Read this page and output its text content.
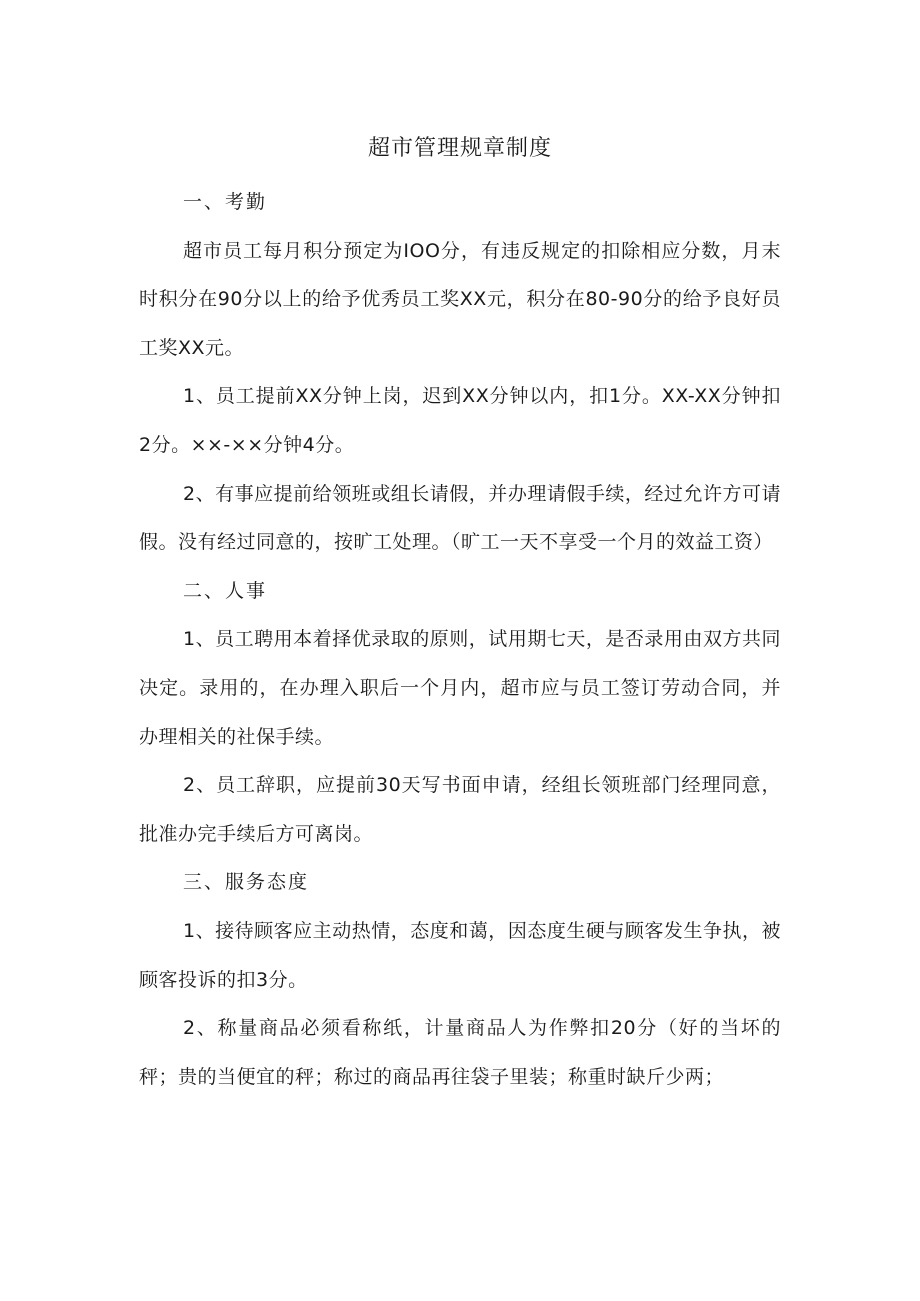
超市管理规章制度

一、考勤

超市员工每月积分预定为IOO分，有违反规定的扣除相应分数，月末时积分在90分以上的给予优秀员工奖XX元，积分在80-90分的给予良好员工奖XX元。

1、员工提前XX分钟上岗，迟到XX分钟以内，扣1分。XX-XX分钟扣2分。××-××分钟4分。

2、有事应提前给领班或组长请假，并办理请假手续，经过允许方可请假。没有经过同意的，按旷工处理。（旷工一天不享受一个月的效益工资）

二、人事

1、员工聘用本着择优录取的原则，试用期七天，是否录用由双方共同决定。录用的，在办理入职后一个月内，超市应与员工签订劳动合同，并办理相关的社保手续。

2、员工辞职，应提前30天写书面申请，经组长领班部门经理同意，批准办完手续后方可离岗。

三、服务态度

1、接待顾客应主动热情，态度和蔼，因态度生硬与顾客发生争执，被顾客投诉的扣3分。

2、称量商品必须看称纸，计量商品人为作弊扣20分（好的当坏的秤；贵的当便宜的秤；称过的商品再往袋子里装；称重时缺斤少两；
